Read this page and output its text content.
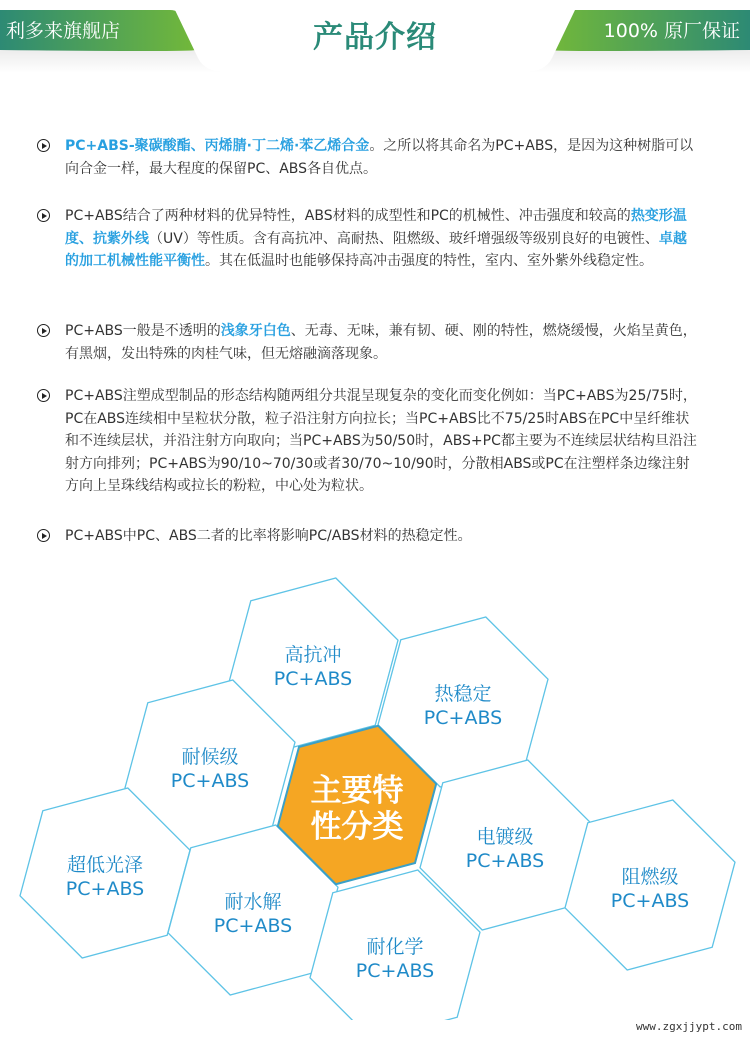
利多来旗舰店	产品介绍	100% 原厂保证
PC+ABS-聚碳酸酯、丙烯腈·丁二烯·苯乙烯合金。之所以将其命名为PC+ABS，是因为这种树脂可以向合金一样，最大程度的保留PC、ABS各自优点。
PC+ABS结合了两种材料的优异特性，ABS材料的成型性和PC的机械性、冲击强度和较高的热变形温度、抗紫外线（UV）等性质。含有高抗冲、高耐热、阻燃级、玻纤增强级等级别良好的电镀性、卓越的加工机械性能平衡性。其在低温时也能够保持高冲击强度的特性，室内、室外紫外线稳定性。
PC+ABS一般是不透明的浅象牙白色、无毒、无味，兼有韧、硬、刚的特性，燃烧缓慢，火焰呈黄色，有黑烟，发出特殊的肉桂气味，但无熔融滴落现象。
PC+ABS注塑成型制品的形态结构随两组分共混呈现复杂的变化而变化例如：当PC+ABS为25/75时，PC在ABS连续相中呈粒状分散，粒子沿注射方向拉长；当PC+ABS比不75/25时ABS在PC中呈纤维状和不连续层状，并沿注射方向取向；当PC+ABS为50/50时，ABS+PC都主要为不连续层状结构旦沿注射方向排列；PC+ABS为90/10~70/30或者30/70~10/90时，分散相ABS或PC在注塑样条边缘注射方向上呈珠线结构或拉长的粉粒，中心处为粒状。
PC+ABS中PC、ABS二者的比率将影响PC/ABS材料的热稳定性。
高抗冲
PC+ABS
热稳定
PC+ABS
耐候级
PC+ABS
超低光泽
PC+ABS
电镀级
PC+ABS
阻燃级
PC+ABS
耐水解
PC+ABS
耐化学
PC+ABS
主要特
性分类
www.zgxjjypt.com
